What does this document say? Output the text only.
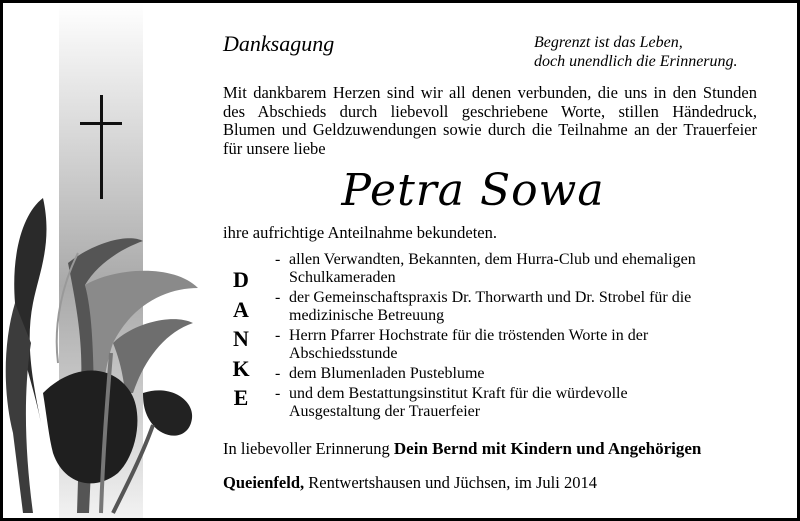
Danksagung	Begrenzt ist das Leben,
doch unendlich die Erinnerung.
Mit dankbarem Herzen sind wir all denen verbunden, die uns in den Stunden
des Abschieds durch liebevoll geschriebene Worte, stillen Händedruck,
Blumen und Geldzuwendungen sowie durch die Teilnahme an der Trauerfeier
für unsere liebe
Petra Sowa
ihre aufrichtige Anteilnahme bekundeten.
D
A
N
K
E
- allen Verwandten, Bekannten, dem Hurra-Club und ehemaligen
Schulkameraden
- der Gemeinschaftspraxis Dr. Thorwarth und Dr. Strobel für die
medizinische Betreuung
- Herrn Pfarrer Hochstrate für die tröstenden Worte in der
Abschiedsstunde
- dem Blumenladen Pusteblume
- und dem Bestattungsinstitut Kraft für die würdevolle
Ausgestaltung der Trauerfeier
In liebevoller Erinnerung Dein Bernd mit Kindern und Angehörigen
Queienfeld, Rentwertshausen und Jüchsen, im Juli 2014
